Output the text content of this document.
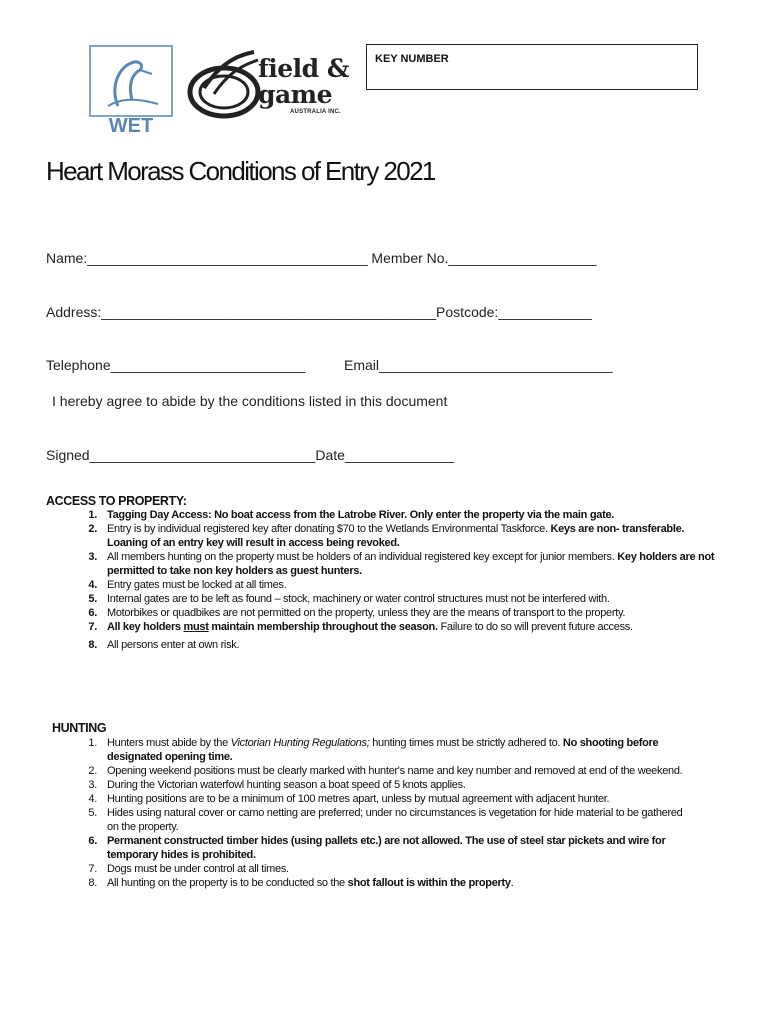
WET
field &
game
AUSTRALIA INC.
KEY NUMBER
Heart Morass Conditions of Entry 2021
Name:____________________________________ Member No.___________________
Address:___________________________________________Postcode:____________
Telephone_________________________	Email______________________________
I hereby agree to abide by the conditions listed in this document
Signed_____________________________Date______________
ACCESS TO PROPERTY:
1. Tagging Day Access: No boat access from the Latrobe River. Only enter the property via the main gate.
2. Entry is by individual registered key after donating $70 to the Wetlands Environmental Taskforce. Keys are non- transferable. Loaning of an entry key will result in access being revoked.
3. All members hunting on the property must be holders of an individual registered key except for junior members. Key holders are not permitted to take non key holders as guest hunters.
4. Entry gates must be locked at all times.
5. Internal gates are to be left as found – stock, machinery or water control structures must not be interfered with.
6. Motorbikes or quadbikes are not permitted on the property, unless they are the means of transport to the property.
7. All key holders must maintain membership throughout the season. Failure to do so will prevent future access.
8. All persons enter at own risk.
HUNTING
1. Hunters must abide by the Victorian Hunting Regulations; hunting times must be strictly adhered to. No shooting before designated opening time.
2. Opening weekend positions must be clearly marked with hunter's name and key number and removed at end of the weekend.
3. During the Victorian waterfowl hunting season a boat speed of 5 knots applies.
4. Hunting positions are to be a minimum of 100 metres apart, unless by mutual agreement with adjacent hunter.
5. Hides using natural cover or camo netting are preferred; under no circumstances is vegetation for hide material to be gathered on the property.
6. Permanent constructed timber hides (using pallets etc.) are not allowed. The use of steel star pickets and wire for temporary hides is prohibited.
7. Dogs must be under control at all times.
8. All hunting on the property is to be conducted so the shot fallout is within the property.
